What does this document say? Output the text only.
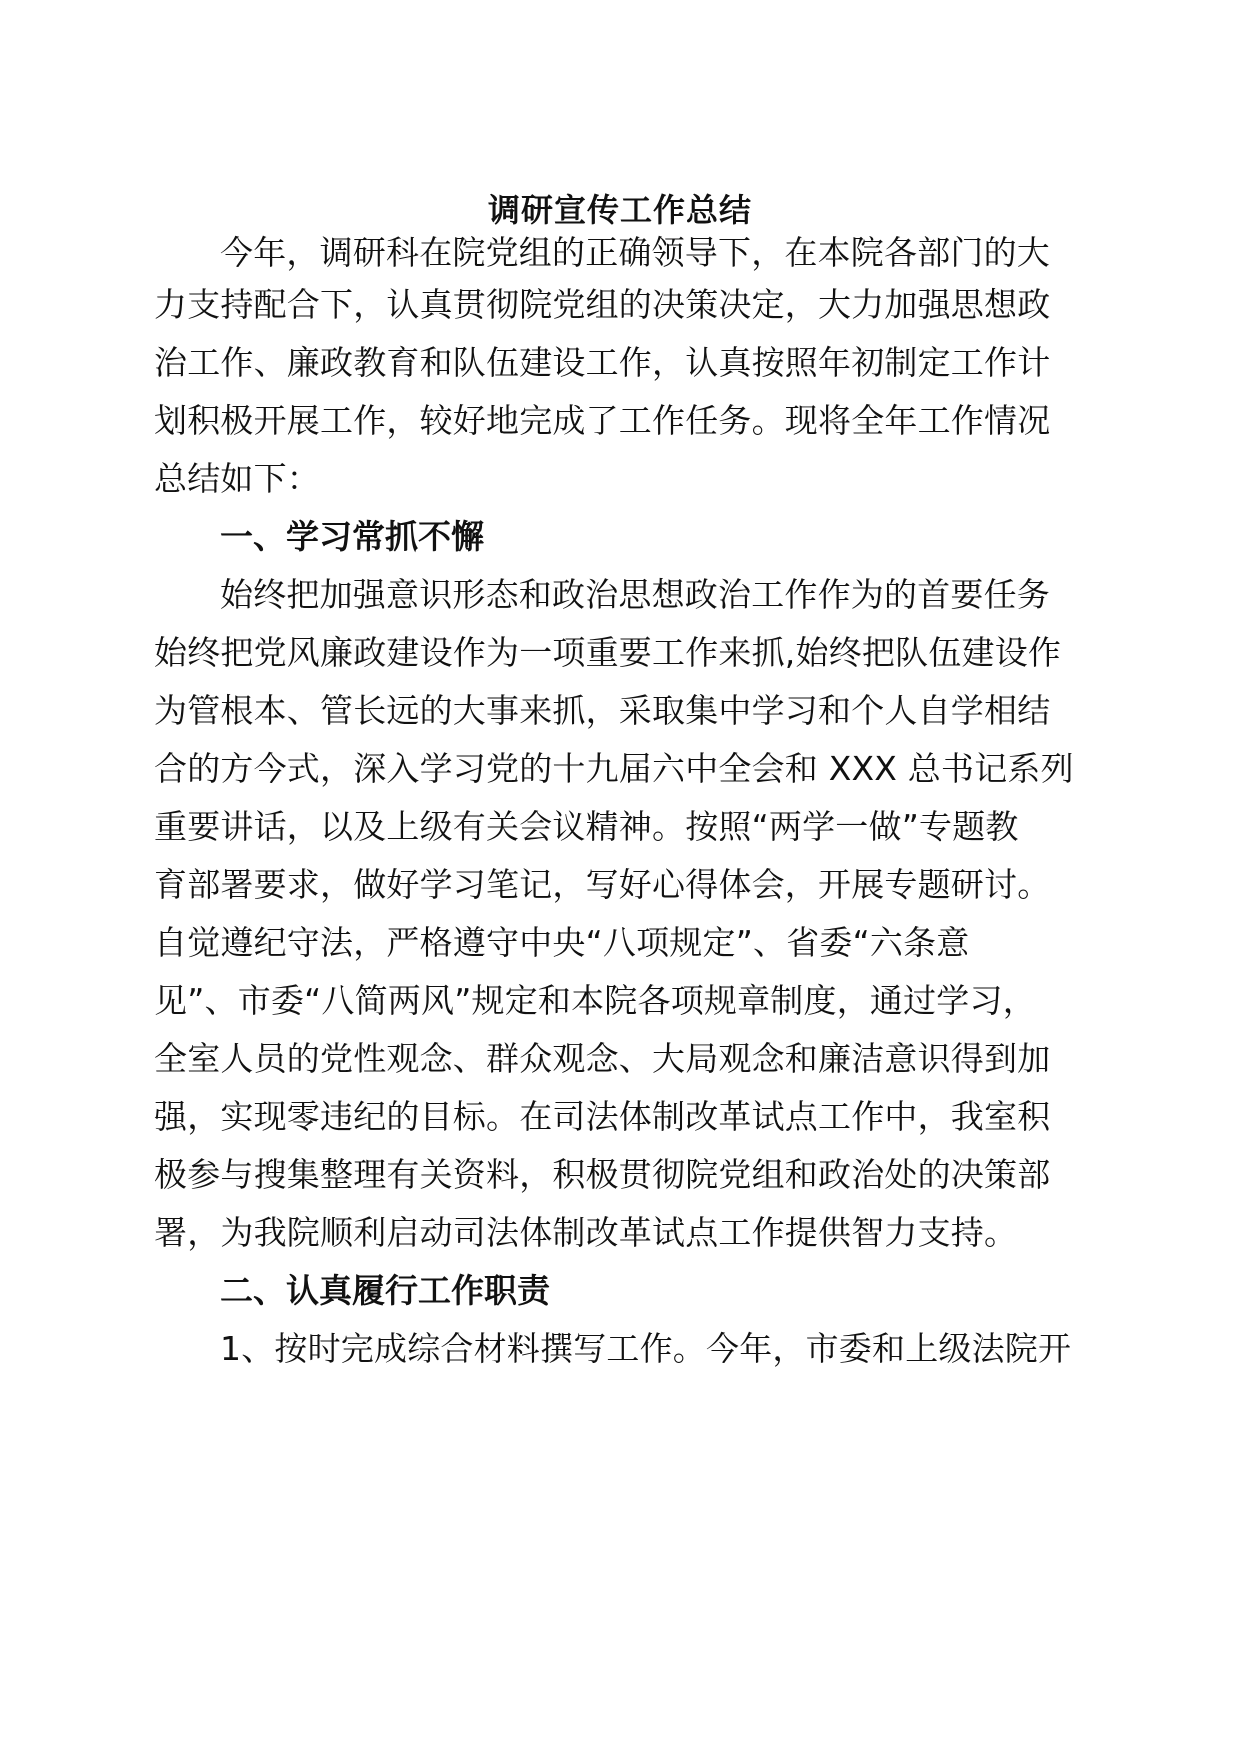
调研宣传工作总结
今年，调研科在院党组的正确领导下，在本院各部门的大
力支持配合下，认真贯彻院党组的决策决定，大力加强思想政
治工作、廉政教育和队伍建设工作，认真按照年初制定工作计
划积极开展工作，较好地完成了工作任务。现将全年工作情况
总结如下：
一、学习常抓不懈
始终把加强意识形态和政治思想政治工作作为的首要任务
始终把党风廉政建设作为一项重要工作来抓,始终把队伍建设作
为管根本、管长远的大事来抓，采取集中学习和个人自学相结
合的方今式，深入学习党的十九届六中全会和 XXX 总书记系列
重要讲话，以及上级有关会议精神。按照“两学一做”专题教
育部署要求，做好学习笔记，写好心得体会，开展专题研讨。
自觉遵纪守法，严格遵守中央“八项规定”、省委“六条意
见”、市委“八简两风”规定和本院各项规章制度，通过学习，
全室人员的党性观念、群众观念、大局观念和廉洁意识得到加
强，实现零违纪的目标。在司法体制改革试点工作中，我室积
极参与搜集整理有关资料，积极贯彻院党组和政治处的决策部
署，为我院顺利启动司法体制改革试点工作提供智力支持。
二、认真履行工作职责
1、按时完成综合材料撰写工作。今年，市委和上级法院开
